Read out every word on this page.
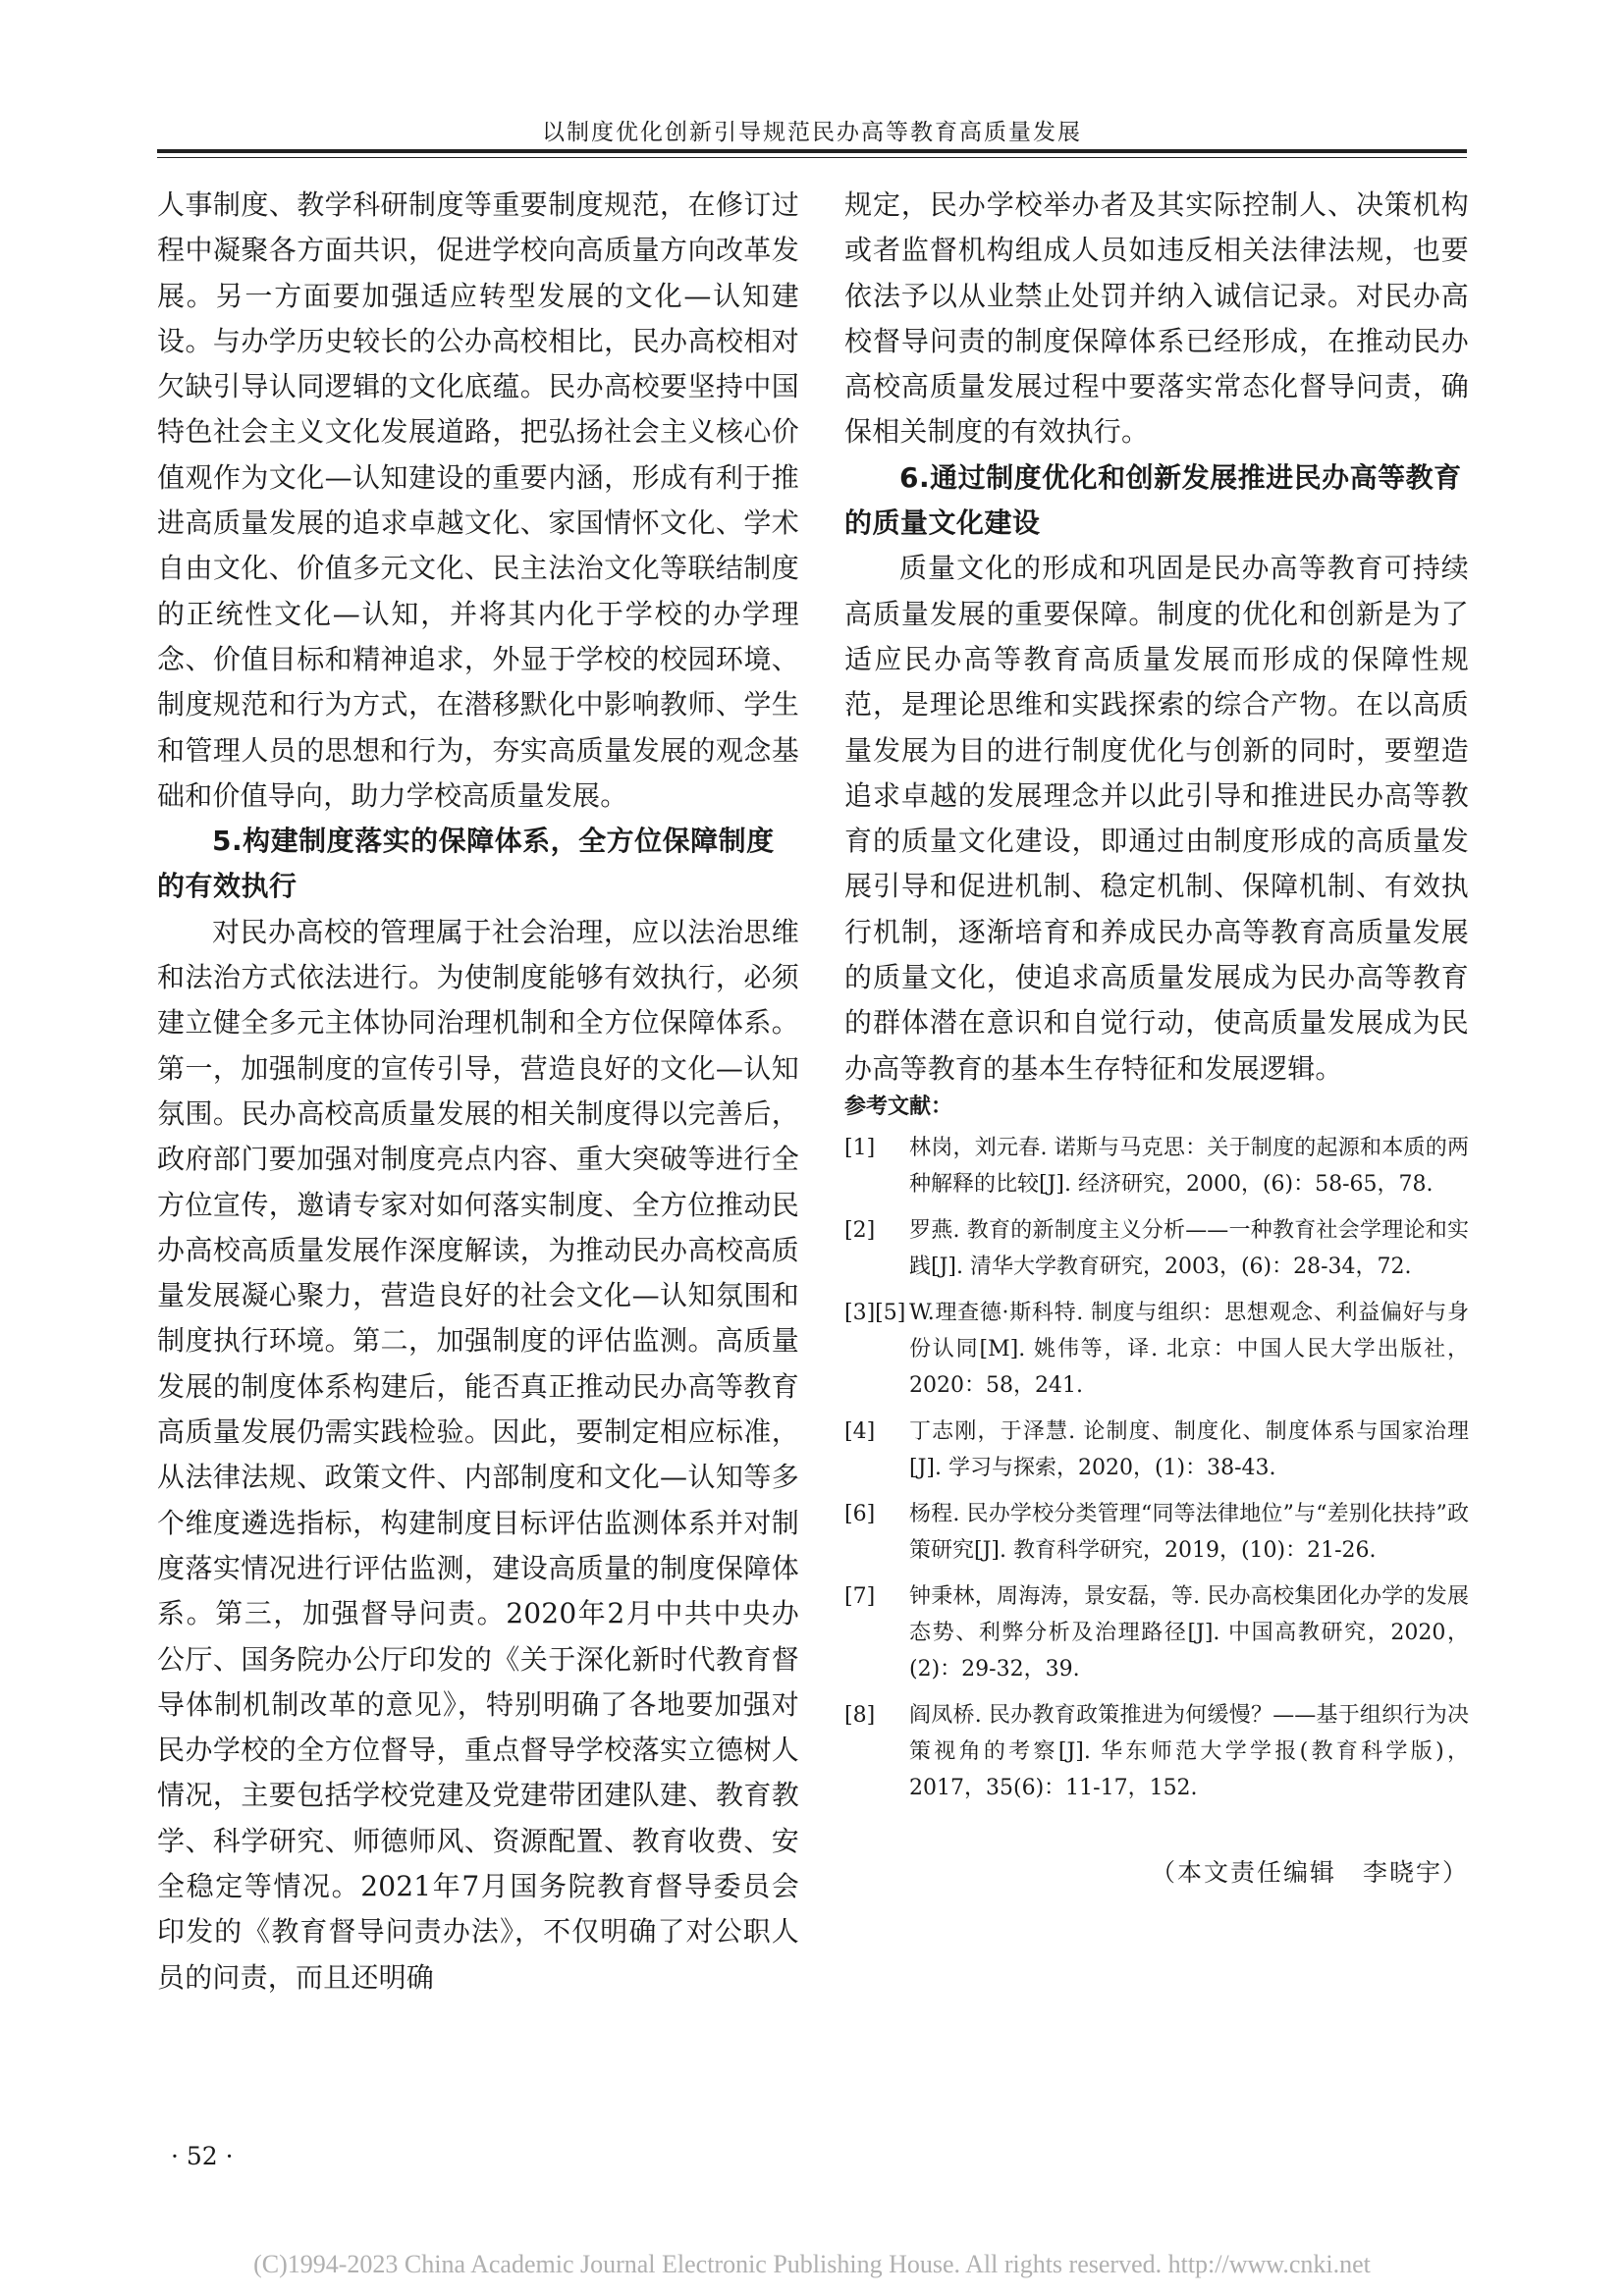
以制度优化创新引导规范民办高等教育高质量发展

人事制度、教学科研制度等重要制度规范，在修订过程中凝聚各方面共识，促进学校向高质量方向改革发展。另一方面要加强适应转型发展的文化—认知建设。与办学历史较长的公办高校相比，民办高校相对欠缺引导认同逻辑的文化底蕴。民办高校要坚持中国特色社会主义文化发展道路，把弘扬社会主义核心价值观作为文化—认知建设的重要内涵，形成有利于推进高质量发展的追求卓越文化、家国情怀文化、学术自由文化、价值多元文化、民主法治文化等联结制度的正统性文化—认知，并将其内化于学校的办学理念、价值目标和精神追求，外显于学校的校园环境、制度规范和行为方式，在潜移默化中影响教师、学生和管理人员的思想和行为，夯实高质量发展的观念基础和价值导向，助力学校高质量发展。

5.构建制度落实的保障体系，全方位保障制度的有效执行

对民办高校的管理属于社会治理，应以法治思维和法治方式依法进行。为使制度能够有效执行，必须建立健全多元主体协同治理机制和全方位保障体系。第一，加强制度的宣传引导，营造良好的文化—认知氛围。民办高校高质量发展的相关制度得以完善后，政府部门要加强对制度亮点内容、重大突破等进行全方位宣传，邀请专家对如何落实制度、全方位推动民办高校高质量发展作深度解读，为推动民办高校高质量发展凝心聚力，营造良好的社会文化—认知氛围和制度执行环境。第二，加强制度的评估监测。高质量发展的制度体系构建后，能否真正推动民办高等教育高质量发展仍需实践检验。因此，要制定相应标准，从法律法规、政策文件、内部制度和文化—认知等多个维度遴选指标，构建制度目标评估监测体系并对制度落实情况进行评估监测，建设高质量的制度保障体系。第三，加强督导问责。2020年2月中共中央办公厅、国务院办公厅印发的《关于深化新时代教育督导体制机制改革的意见》，特别明确了各地要加强对民办学校的全方位督导，重点督导学校落实立德树人情况，主要包括学校党建及党建带团建队建、教育教学、科学研究、师德师风、资源配置、教育收费、安全稳定等情况。2021年7月国务院教育督导委员会印发的《教育督导问责办法》，不仅明确了对公职人员的问责，而且还明确

规定，民办学校举办者及其实际控制人、决策机构或者监督机构组成人员如违反相关法律法规，也要依法予以从业禁止处罚并纳入诚信记录。对民办高校督导问责的制度保障体系已经形成，在推动民办高校高质量发展过程中要落实常态化督导问责，确保相关制度的有效执行。

6.通过制度优化和创新发展推进民办高等教育的质量文化建设

质量文化的形成和巩固是民办高等教育可持续高质量发展的重要保障。制度的优化和创新是为了适应民办高等教育高质量发展而形成的保障性规范，是理论思维和实践探索的综合产物。在以高质量发展为目的进行制度优化与创新的同时，要塑造追求卓越的发展理念并以此引导和推进民办高等教育的质量文化建设，即通过由制度形成的高质量发展引导和促进机制、稳定机制、保障机制、有效执行机制，逐渐培育和养成民办高等教育高质量发展的质量文化，使追求高质量发展成为民办高等教育的群体潜在意识和自觉行动，使高质量发展成为民办高等教育的基本生存特征和发展逻辑。

参考文献：
[1]	林岗，刘元春. 诺斯与马克思：关于制度的起源和本质的两种解释的比较[J]. 经济研究，2000，(6)：58-65，78.
[2]	罗燕. 教育的新制度主义分析——一种教育社会学理论和实践[J]. 清华大学教育研究，2003，(6)：28-34，72.
[3][5] W.理查德·斯科特. 制度与组织：思想观念、利益偏好与身份认同[M]. 姚伟等，译. 北京：中国人民大学出版社，2020：58，241.
[4]	丁志刚，于泽慧. 论制度、制度化、制度体系与国家治理[J]. 学习与探索，2020，(1)：38-43.
[6]	杨程. 民办学校分类管理“同等法律地位”与“差别化扶持”政策研究[J]. 教育科学研究，2019，(10)：21-26.
[7]	钟秉林，周海涛，景安磊，等. 民办高校集团化办学的发展态势、利弊分析及治理路径[J]. 中国高教研究，2020，(2)：29-32，39.
[8]	阎凤桥. 民办教育政策推进为何缓慢？——基于组织行为决策视角的考察[J]. 华东师范大学学报(教育科学版)，2017，35(6)：11-17，152.
（本文责任编辑　李晓宇）
· 52 ·
(C)1994-2023 China Academic Journal Electronic Publishing House. All rights reserved. http://www.cnki.net
